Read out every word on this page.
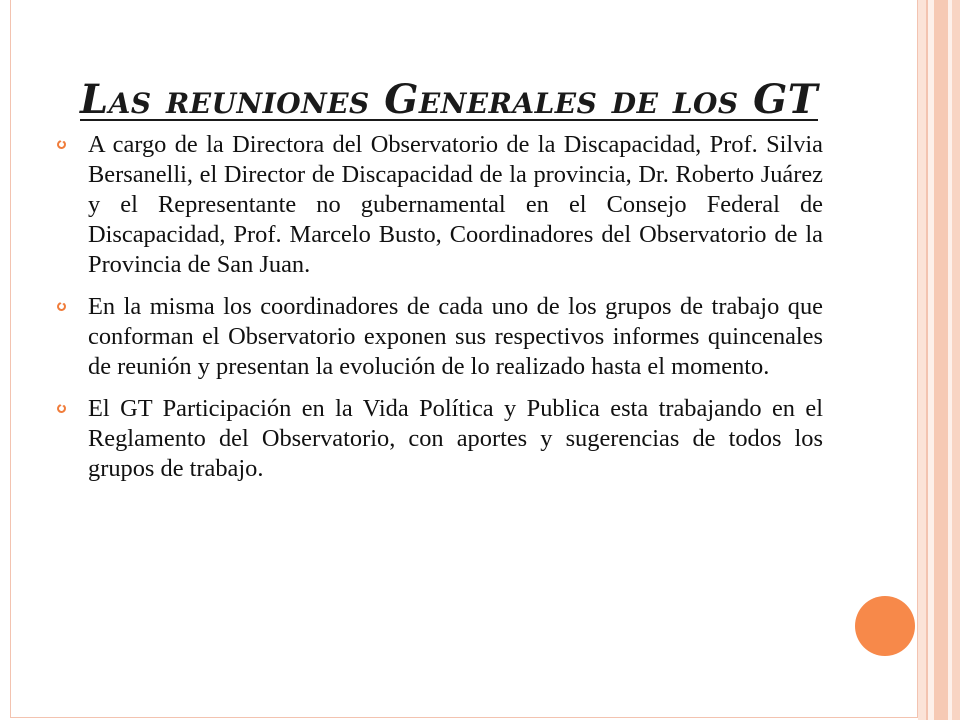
Las reuniones Generales de los GT
A cargo de la Directora del Observatorio de la Discapacidad, Prof. Silvia Bersanelli, el Director de Discapacidad de la provincia, Dr. Roberto Juárez y el Representante no gubernamental en el Consejo Federal de Discapacidad, Prof. Marcelo Busto, Coordinadores del Observatorio de la Provincia de San Juan.
En la misma los coordinadores de cada uno de los grupos de trabajo que conforman el Observatorio exponen sus respectivos informes quincenales de reunión y presentan la evolución de lo realizado hasta el momento.
El GT Participación en la Vida Política y Publica esta trabajando en el Reglamento del Observatorio, con aportes y sugerencias de todos los grupos de trabajo.
